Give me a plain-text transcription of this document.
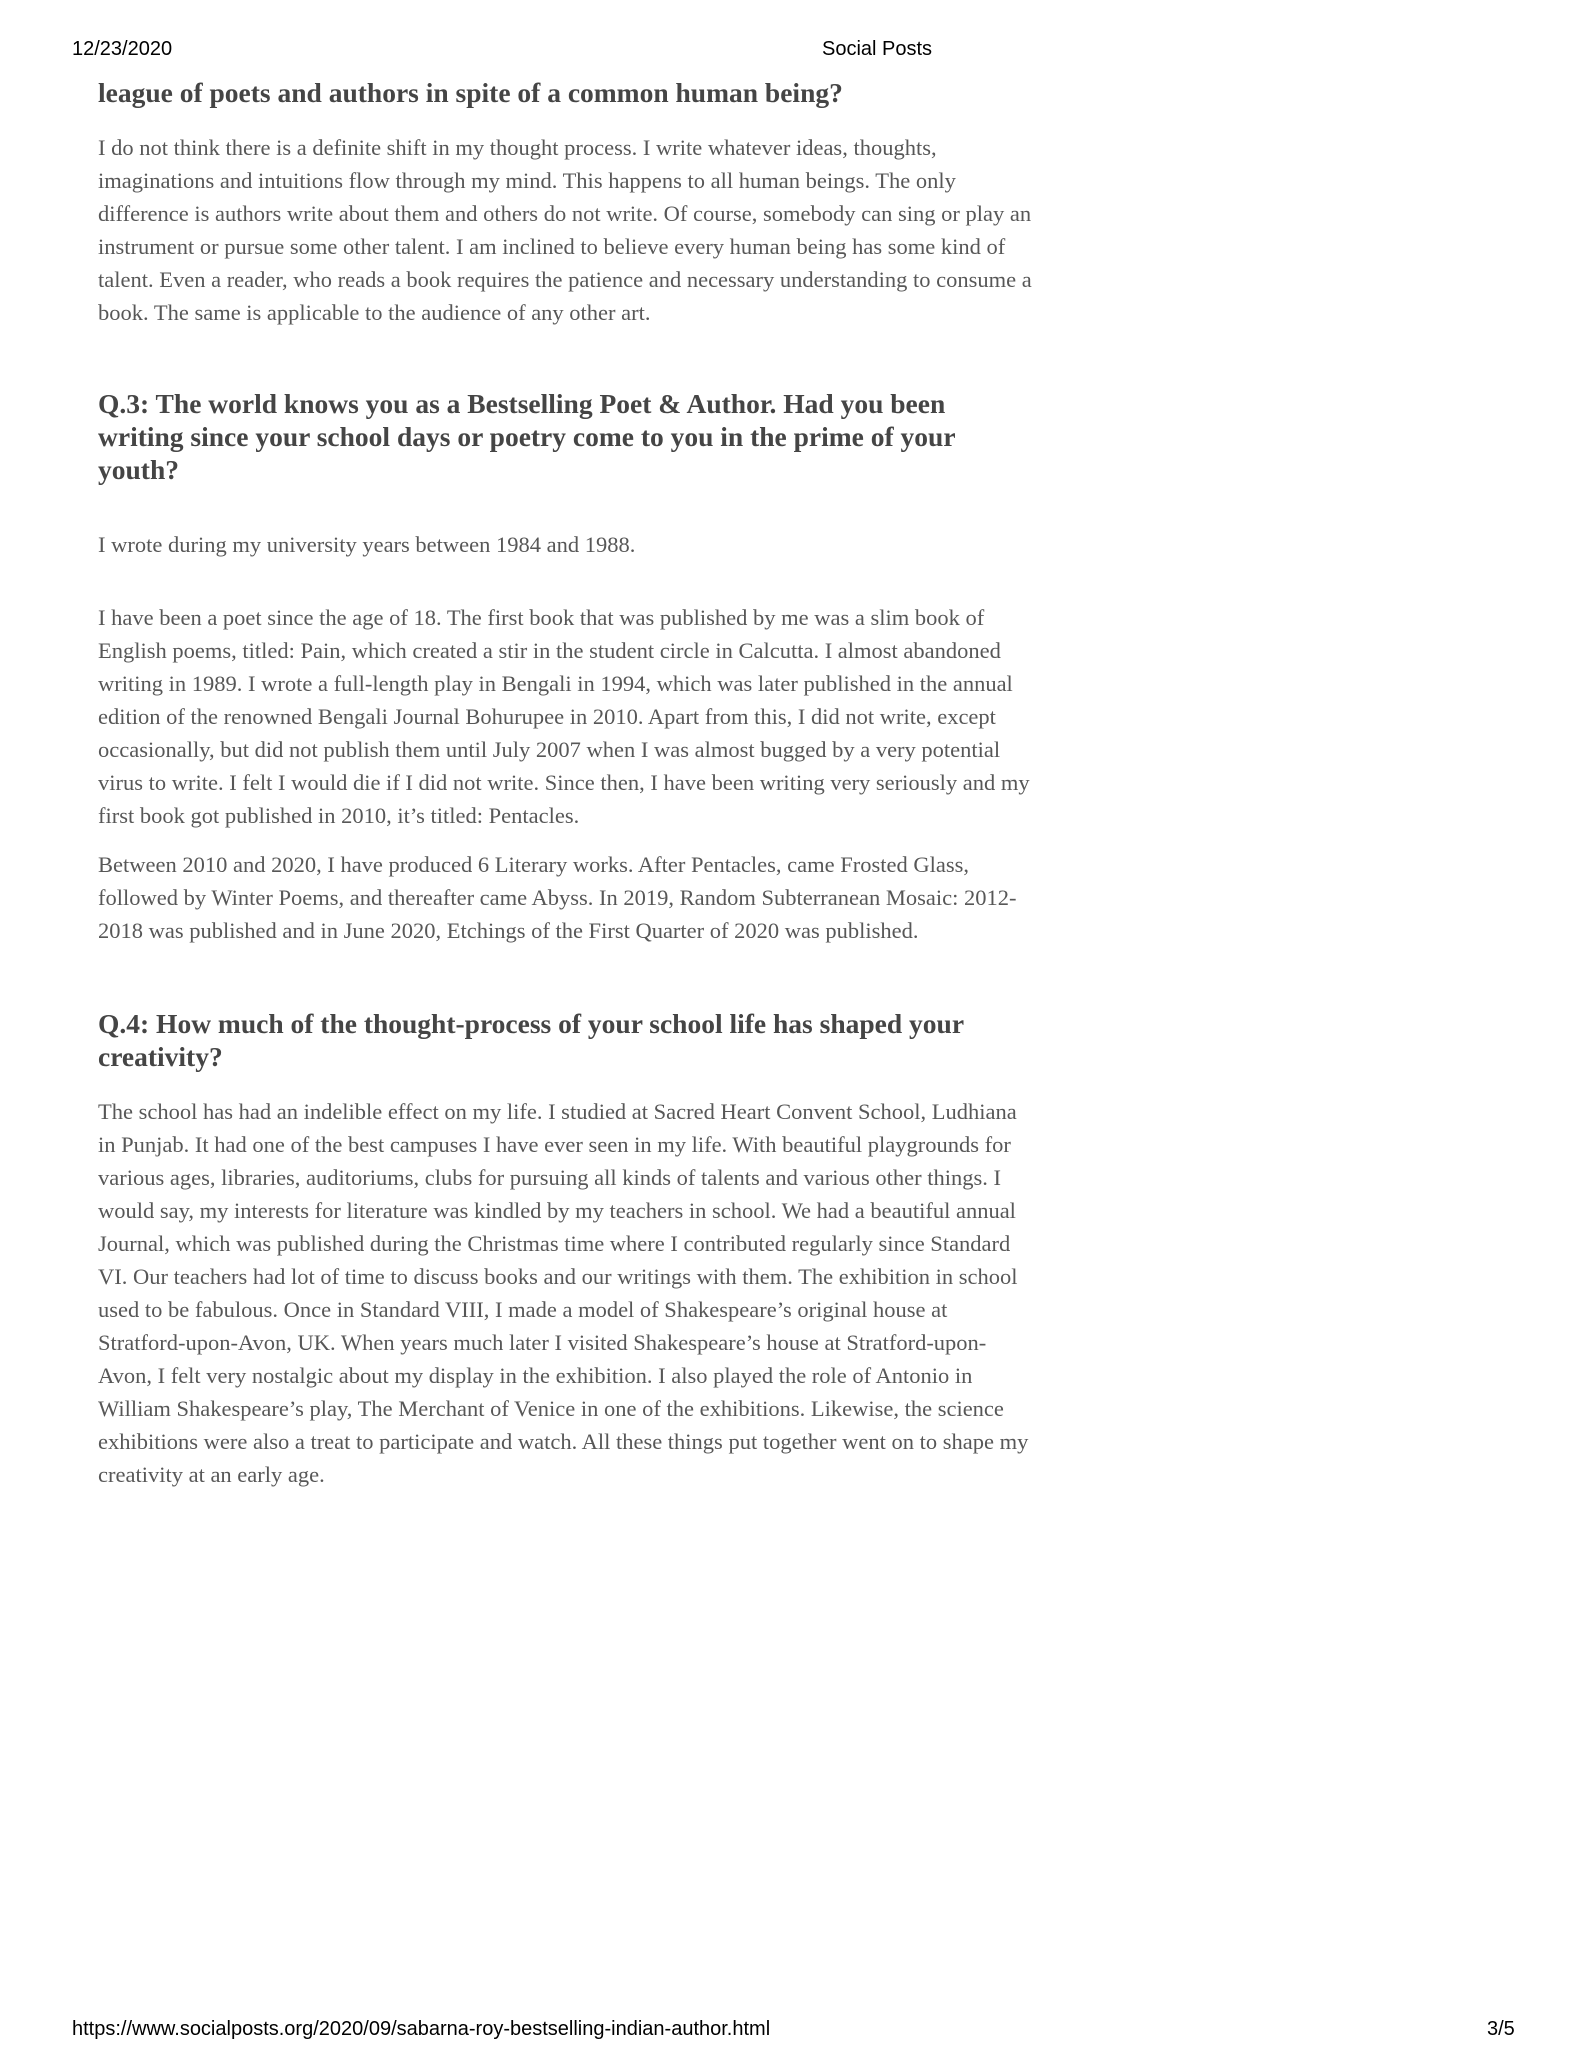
12/23/2020	Social Posts
league of poets and authors in spite of a common human being?

I do not think there is a definite shift in my thought process. I write whatever ideas, thoughts, imaginations and intuitions flow through my mind. This happens to all human beings. The only difference is authors write about them and others do not write. Of course, somebody can sing or play an instrument or pursue some other talent. I am inclined to believe every human being has some kind of talent. Even a reader, who reads a book requires the patience and necessary understanding to consume a book. The same is applicable to the audience of any other art.

Q.3: The world knows you as a Bestselling Poet & Author. Had you been writing since your school days or poetry come to you in the prime of your youth?

I wrote during my university years between 1984 and 1988.

I have been a poet since the age of 18. The first book that was published by me was a slim book of English poems, titled: Pain, which created a stir in the student circle in Calcutta. I almost abandoned writing in 1989. I wrote a full-length play in Bengali in 1994, which was later published in the annual edition of the renowned Bengali Journal Bohurupee in 2010. Apart from this, I did not write, except occasionally, but did not publish them until July 2007 when I was almost bugged by a very potential virus to write. I felt I would die if I did not write. Since then, I have been writing very seriously and my first book got published in 2010, it’s titled: Pentacles.

Between 2010 and 2020, I have produced 6 Literary works. After Pentacles, came Frosted Glass, followed by Winter Poems, and thereafter came Abyss. In 2019, Random Subterranean Mosaic: 2012-2018 was published and in June 2020, Etchings of the First Quarter of 2020 was published.

Q.4: How much of the thought-process of your school life has shaped your creativity?

The school has had an indelible effect on my life. I studied at Sacred Heart Convent School, Ludhiana in Punjab. It had one of the best campuses I have ever seen in my life. With beautiful playgrounds for various ages, libraries, auditoriums, clubs for pursuing all kinds of talents and various other things. I would say, my interests for literature was kindled by my teachers in school. We had a beautiful annual Journal, which was published during the Christmas time where I contributed regularly since Standard VI. Our teachers had lot of time to discuss books and our writings with them. The exhibition in school used to be fabulous. Once in Standard VIII, I made a model of Shakespeare’s original house at Stratford-upon-Avon, UK. When years much later I visited Shakespeare’s house at Stratford-upon-Avon, I felt very nostalgic about my display in the exhibition. I also played the role of Antonio in William Shakespeare’s play, The Merchant of Venice in one of the exhibitions. Likewise, the science exhibitions were also a treat to participate and watch. All these things put together went on to shape my creativity at an early age.

https://www.socialposts.org/2020/09/sabarna-roy-bestselling-indian-author.html	3/5
